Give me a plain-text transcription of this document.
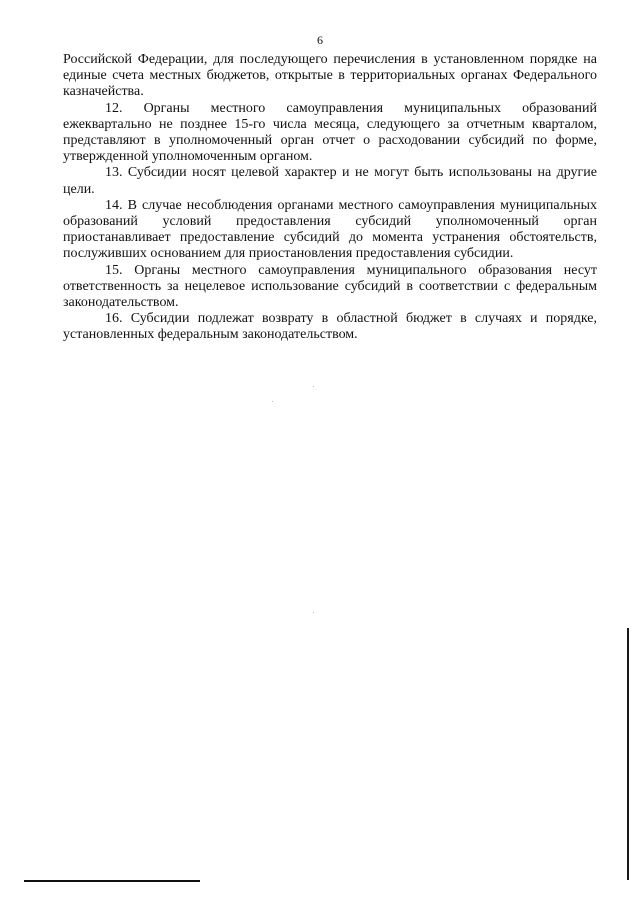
6

Российской Федерации, для последующего перечисления в установленном порядке на единые счета местных бюджетов, открытые в территориальных органах Федерального казначейства.

12. Органы местного самоуправления муниципальных образований ежеквартально не позднее 15-го числа месяца, следующего за отчетным кварталом, представляют в уполномоченный орган отчет о расходовании субсидий по форме, утвержденной уполномоченным органом.

13. Субсидии носят целевой характер и не могут быть использованы на другие цели.

14. В случае несоблюдения органами местного самоуправления муниципальных образований условий предоставления субсидий уполномоченный орган приостанавливает предоставление субсидий до момента устранения обстоятельств, послуживших основанием для приостановления предоставления субсидии.

15. Органы местного самоуправления муниципального образования несут ответственность за нецелевое использование субсидий в соответствии с федеральным законодательством.

16. Субсидии подлежат возврату в областной бюджет в случаях и порядке, установленных федеральным законодательством.
